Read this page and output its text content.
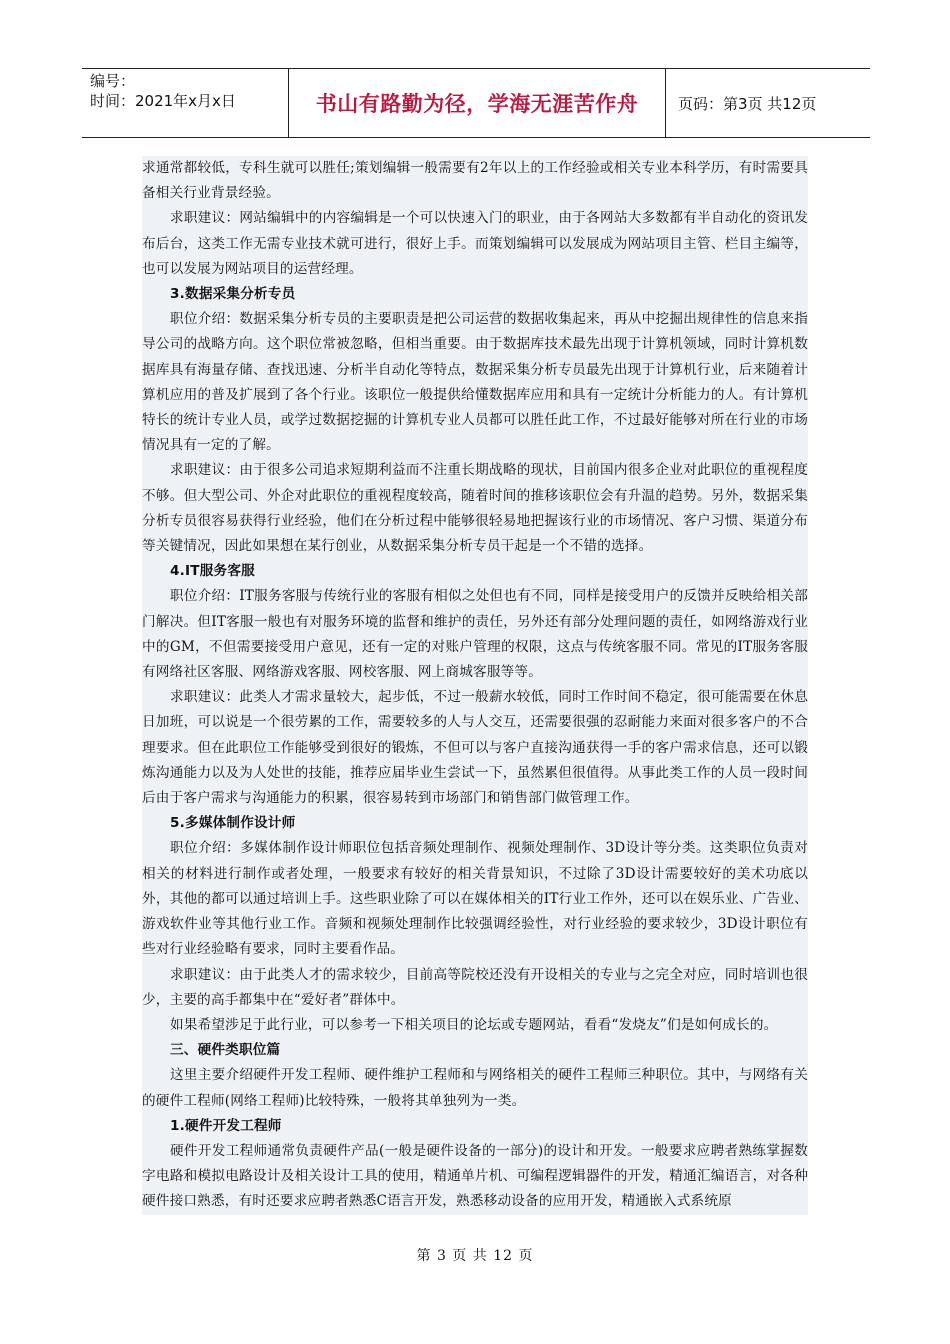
编号：
时间：2021年x月x日	书山有路勤为径，学海无涯苦作舟	页码：第3页 共12页

求通常都较低，专科生就可以胜任;策划编辑一般需要有2年以上的工作经验或相关专业本科学历，有时需要具备相关行业背景经验。

求职建议：网站编辑中的内容编辑是一个可以快速入门的职业，由于各网站大多数都有半自动化的资讯发布后台，这类工作无需专业技术就可进行，很好上手。而策划编辑可以发展成为网站项目主管、栏目主编等，也可以发展为网站项目的运营经理。

3.数据采集分析专员

职位介绍：数据采集分析专员的主要职责是把公司运营的数据收集起来，再从中挖掘出规律性的信息来指导公司的战略方向。这个职位常被忽略，但相当重要。由于数据库技术最先出现于计算机领域，同时计算机数据库具有海量存储、查找迅速、分析半自动化等特点，数据采集分析专员最先出现于计算机行业，后来随着计算机应用的普及扩展到了各个行业。该职位一般提供给懂数据库应用和具有一定统计分析能力的人。有计算机特长的统计专业人员，或学过数据挖掘的计算机专业人员都可以胜任此工作，不过最好能够对所在行业的市场情况具有一定的了解。

求职建议：由于很多公司追求短期利益而不注重长期战略的现状，目前国内很多企业对此职位的重视程度不够。但大型公司、外企对此职位的重视程度较高，随着时间的推移该职位会有升温的趋势。另外，数据采集分析专员很容易获得行业经验，他们在分析过程中能够很轻易地把握该行业的市场情况、客户习惯、渠道分布等关键情况，因此如果想在某行创业，从数据采集分析专员干起是一个不错的选择。

4.IT服务客服

职位介绍：IT服务客服与传统行业的客服有相似之处但也有不同，同样是接受用户的反馈并反映给相关部门解决。但IT客服一般也有对服务环境的监督和维护的责任，另外还有部分处理问题的责任，如网络游戏行业中的GM，不但需要接受用户意见，还有一定的对账户管理的权限，这点与传统客服不同。常见的IT服务客服有网络社区客服、网络游戏客服、网校客服、网上商城客服等等。

求职建议：此类人才需求量较大，起步低，不过一般薪水较低，同时工作时间不稳定，很可能需要在休息日加班，可以说是一个很劳累的工作，需要较多的人与人交互，还需要很强的忍耐能力来面对很多客户的不合理要求。但在此职位工作能够受到很好的锻炼，不但可以与客户直接沟通获得一手的客户需求信息，还可以锻炼沟通能力以及为人处世的技能，推荐应届毕业生尝试一下，虽然累但很值得。从事此类工作的人员一段时间后由于客户需求与沟通能力的积累，很容易转到市场部门和销售部门做管理工作。

5.多媒体制作设计师

职位介绍：多媒体制作设计师职位包括音频处理制作、视频处理制作、3D设计等分类。这类职位负责对相关的材料进行制作或者处理，一般要求有较好的相关背景知识，不过除了3D设计需要较好的美术功底以外，其他的都可以通过培训上手。这些职业除了可以在媒体相关的IT行业工作外，还可以在娱乐业、广告业、游戏软件业等其他行业工作。音频和视频处理制作比较强调经验性，对行业经验的要求较少，3D设计职位有些对行业经验略有要求，同时主要看作品。

求职建议：由于此类人才的需求较少，目前高等院校还没有开设相关的专业与之完全对应，同时培训也很少，主要的高手都集中在“爱好者”群体中。

如果希望涉足于此行业，可以参考一下相关项目的论坛或专题网站，看看“发烧友”们是如何成长的。

三、硬件类职位篇

这里主要介绍硬件开发工程师、硬件维护工程师和与网络相关的硬件工程师三种职位。其中，与网络有关的硬件工程师(网络工程师)比较特殊，一般将其单独列为一类。

1.硬件开发工程师

硬件开发工程师通常负责硬件产品(一般是硬件设备的一部分)的设计和开发。一般要求应聘者熟练掌握数字电路和模拟电路设计及相关设计工具的使用，精通单片机、可编程逻辑器件的开发，精通汇编语言，对各种硬件接口熟悉，有时还要求应聘者熟悉C语言开发，熟悉移动设备的应用开发，精通嵌入式系统原

第 3 页 共 12 页
